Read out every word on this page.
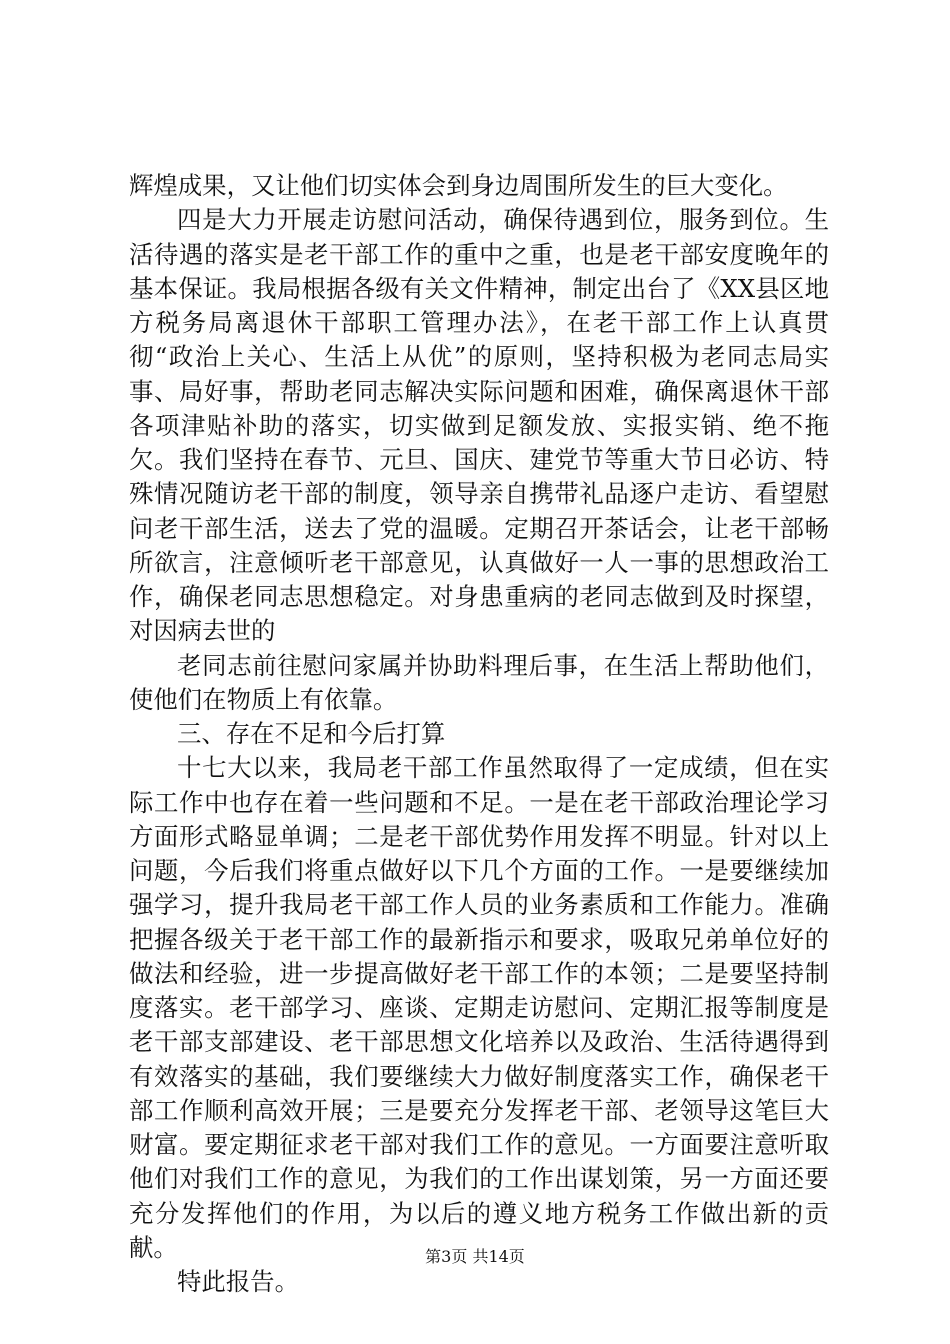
辉煌成果，又让他们切实体会到身边周围所发生的巨大变化。

四是大力开展走访慰问活动，确保待遇到位，服务到位。生活待遇的落实是老干部工作的重中之重，也是老干部安度晚年的基本保证。我局根据各级有关文件精神，制定出台了《XX县区地方税务局离退休干部职工管理办法》，在老干部工作上认真贯彻“政治上关心、生活上从优”的原则，坚持积极为老同志局实事、局好事，帮助老同志解决实际问题和困难，确保离退休干部各项津贴补助的落实，切实做到足额发放、实报实销、绝不拖欠。我们坚持在春节、元旦、国庆、建党节等重大节日必访、特殊情况随访老干部的制度，领导亲自携带礼品逐户走访、看望慰问老干部生活，送去了党的温暖。定期召开茶话会，让老干部畅所欲言，注意倾听老干部意见，认真做好一人一事的思想政治工作，确保老同志思想稳定。对身患重病的老同志做到及时探望，对因病去世的

老同志前往慰问家属并协助料理后事，在生活上帮助他们，使他们在物质上有依靠。

三、存在不足和今后打算

十七大以来，我局老干部工作虽然取得了一定成绩，但在实际工作中也存在着一些问题和不足。一是在老干部政治理论学习方面形式略显单调；二是老干部优势作用发挥不明显。针对以上问题，今后我们将重点做好以下几个方面的工作。一是要继续加强学习，提升我局老干部工作人员的业务素质和工作能力。准确把握各级关于老干部工作的最新指示和要求，吸取兄弟单位好的做法和经验，进一步提高做好老干部工作的本领；二是要坚持制度落实。老干部学习、座谈、定期走访慰问、定期汇报等制度是老干部支部建设、老干部思想文化培养以及政治、生活待遇得到有效落实的基础，我们要继续大力做好制度落实工作，确保老干部工作顺利高效开展；三是要充分发挥老干部、老领导这笔巨大财富。要定期征求老干部对我们工作的意见。一方面要注意听取他们对我们工作的意见，为我们的工作出谋划策，另一方面还要充分发挥他们的作用，为以后的遵义地方税务工作做出新的贡献。

特此报告。

第3页 共14页
